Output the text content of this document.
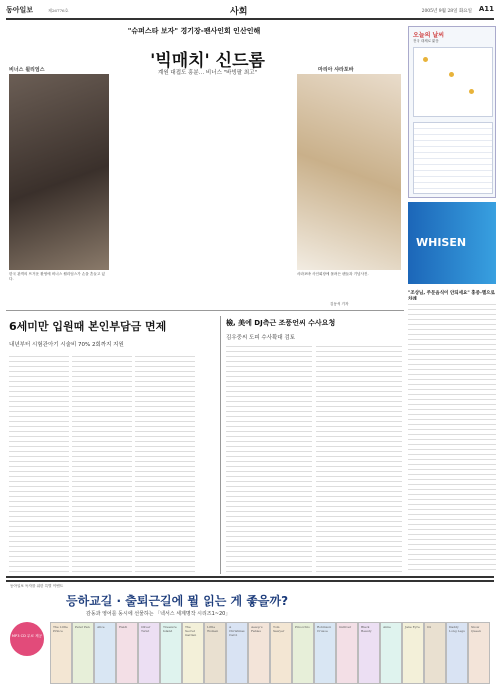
동아일보	제26776호	사회	2005년 9월 28일 화요일 A11
비너스 윌리엄스	마리아 샤라포바
"슈퍼스타 보자" 경기장-팬사인회 인산인해
'빅매치' 신드롬
계원 대접도 흥분… 비너스 "바빙팔 최고"

한국 관객의 뜨거운 환영에 비너스 윌리엄스가 손을 흔들고 있다.
샤라포바 사인회장에 몰려든 팬들과 기념사진.
김동석 기자
6세미만 입원때 본인부담금 면제
내년부터 시험관아기 시술비 70% 2회까지 지원
檢, 美에 DJ측근 조풍언씨 수사요청
김우중씨 도피 수사확대 검토
오늘의 날씨
전국 대체로 맑음
WHISEN
"조상님, 주문음식이 안되세요" 홍중-멜으로
동아일보 독자를 위한 특별 이벤트
등하교길 · 출퇴근길에 뭘 읽는 게 좋을까?
감동과 영어를 동시에 선물하는 「넥서스 세계명작 시리즈1~20」
MP3 CD 무료 제공
The Little Prince
Peter Pan	Alice	Heidi	Oliver Twist
Treasure Island
The Secret Garden
Little Women
A Christmas Carol
Aesop's Fables
Tom Sawyer
Pinocchio	Robinson Crusoe
Gulliver	Black Beauty
Anne	Jane Eyre	Oz	Daddy Long Legs
Snow Queen
